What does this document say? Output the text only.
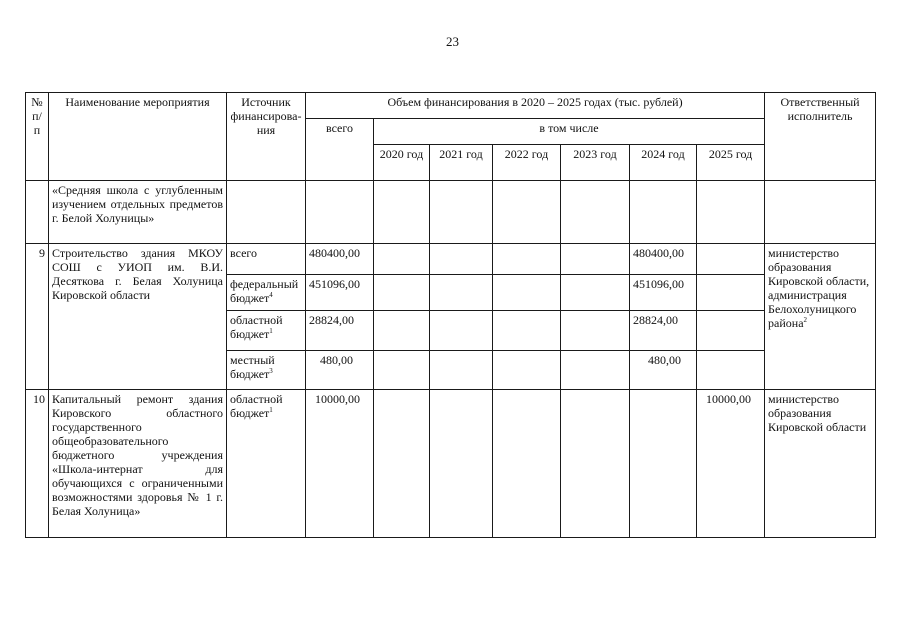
23
№ п/п	Наименование мероприятия	Источник финансирова-ния	Объем финансирования в 2020 – 2025 годах (тыс. рублей)							Ответственный исполнитель
			всего	в том числе						
				2020 год	2021 год	2022 год	2023 год	2024 год	2025 год	
	«Средняя школа с углубленным изучением отдельных предметов г. Белой Холуницы»									
9	Строительство здания МКОУ СОШ с УИОП им. В.И. Десяткова г. Белая Холуница Кировской области	всего	480400,00					480400,00		министерство образования Кировской области, администрация Белохолуницкого района$^2$
		федеральный бюджет$^4$	451096,00					451096,00		
		областной бюджет$^1$	28824,00					28824,00		
		местный бюджет$^3$	480,00					480,00		
10	Капитальный ремонт здания Кировского областного государственного общеобразовательного бюджетного учреждения «Школа-интернат для обучающихся с ограниченными возможностями здоровья № 1 г. Белая Холуница»	областной бюджет$^1$	10000,00						10000,00	министерство образования Кировской области
